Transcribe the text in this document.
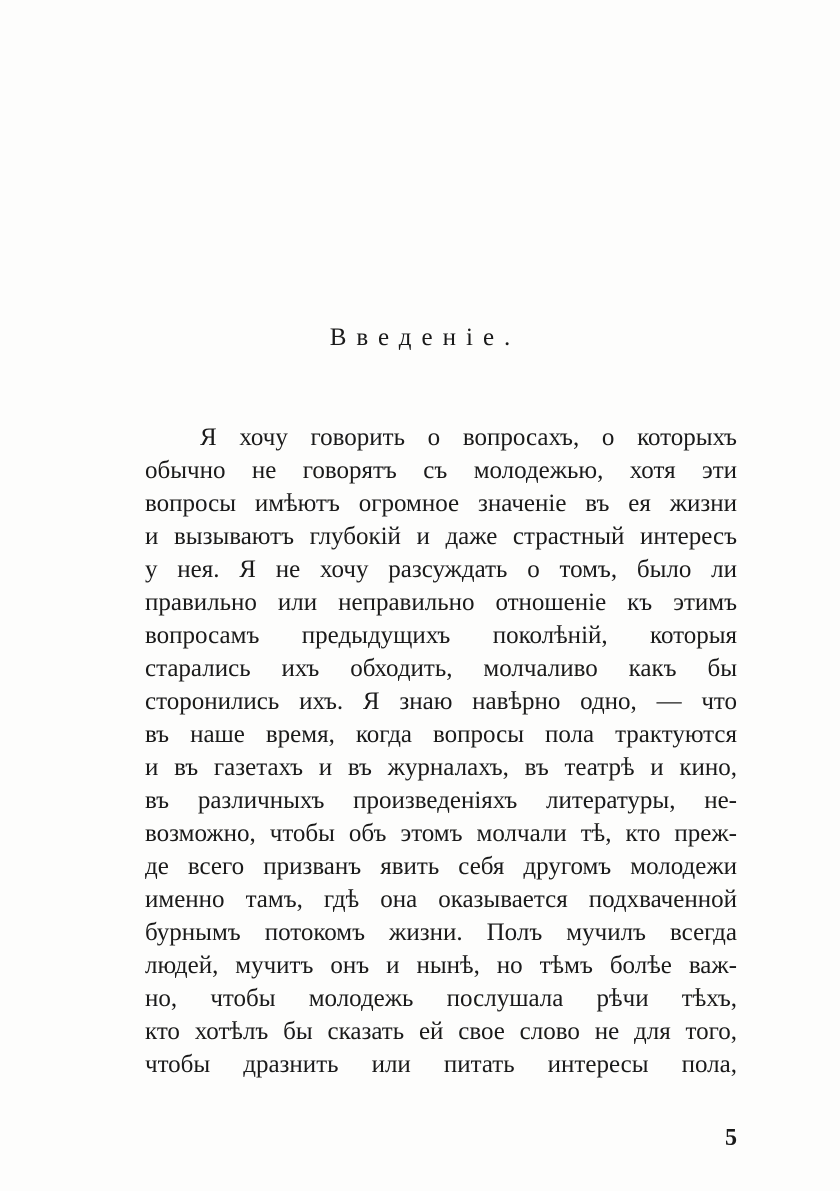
Введенiе.
Я хочу говорить о вопросахъ, о которыхъ
обычно не говорятъ съ молодежью, хотя эти
вопросы имѣютъ огромное значенiе въ ея жизни
и вызываютъ глубокiй и даже страстный интересъ
у нея. Я не хочу разсуждать о томъ, было ли
правильно или неправильно отношенiе къ этимъ
вопросамъ предыдущихъ поколѣнiй, которыя
старались ихъ обходить, молчаливо какъ бы
сторонились ихъ. Я знаю навѣрно одно, — что
въ наше время, когда вопросы пола трактуются
и въ газетахъ и въ журналахъ, въ театрѣ и кино,
въ различныхъ произведенiяхъ литературы, не-
возможно, чтобы объ этомъ молчали тѣ, кто преж-
де всего призванъ явить себя другомъ молодежи
именно тамъ, гдѣ она оказывается подхваченной
бурнымъ потокомъ жизни. Полъ мучилъ всегда
людей, мучитъ онъ и нынѣ, но тѣмъ болѣе важ-
но, чтобы молодежь послушала рѣчи тѣхъ,
кто хотѣлъ бы сказать ей свое слово не для того,
чтобы дразнить или питать интересы пола,
5
